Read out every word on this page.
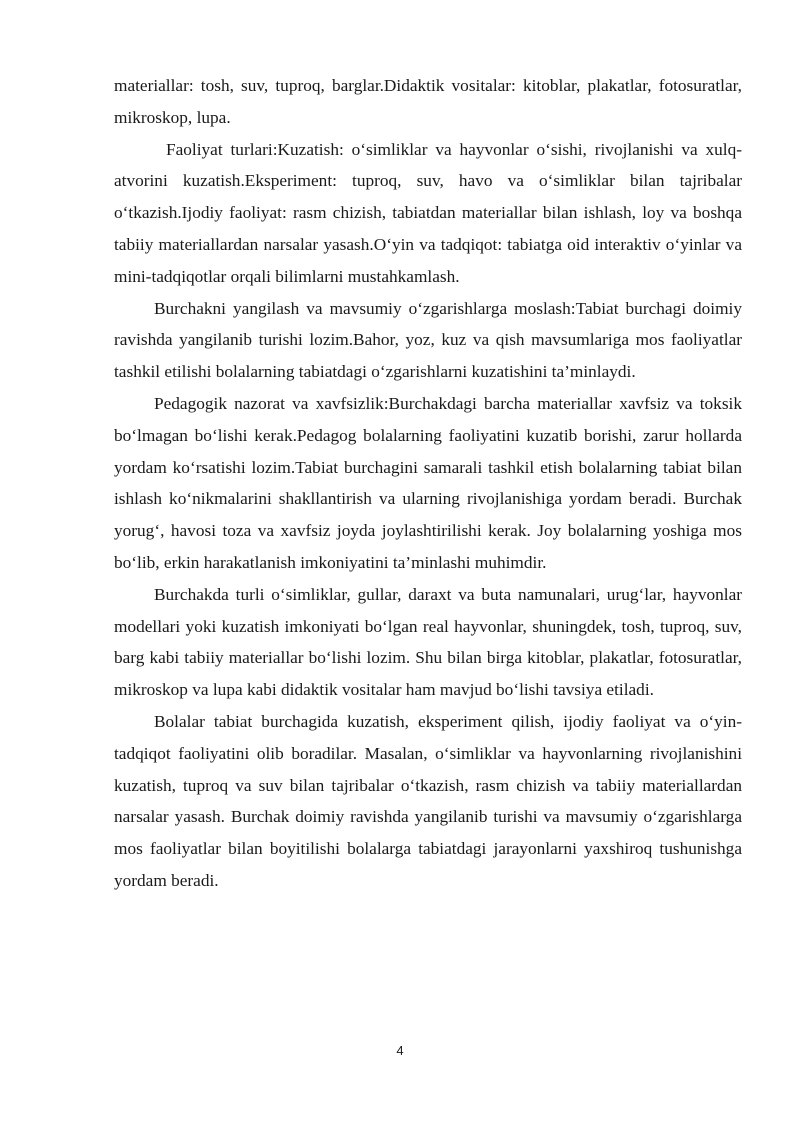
materiallar: tosh, suv, tuproq, barglar.Didaktik vositalar: kitoblar, plakatlar, fotosuratlar, mikroskop, lupa.

Faoliyat turlari:Kuzatish: o‘simliklar va hayvonlar o‘sishi, rivojlanishi va xulq-atvorini kuzatish.Eksperiment: tuproq, suv, havo va o‘simliklar bilan tajribalar o‘tkazish.Ijodiy faoliyat: rasm chizish, tabiatdan materiallar bilan ishlash, loy va boshqa tabiiy materiallardan narsalar yasash.O‘yin va tadqiqot: tabiatga oid interaktiv o‘yinlar va mini-tadqiqotlar orqali bilimlarni mustahkamlash.

Burchakni yangilash va mavsumiy o‘zgarishlarga moslash:Tabiat burchagi doimiy ravishda yangilanib turishi lozim.Bahor, yoz, kuz va qish mavsumlariga mos faoliyatlar tashkil etilishi bolalarning tabiatdagi o‘zgarishlarni kuzatishini ta’minlaydi.

Pedagogik nazorat va xavfsizlik:Burchakdagi barcha materiallar xavfsiz va toksik bo‘lmagan bo‘lishi kerak.Pedagog bolalarning faoliyatini kuzatib borishi, zarur hollarda yordam ko‘rsatishi lozim.Tabiat burchagini samarali tashkil etish bolalarning tabiat bilan ishlash ko‘nikmalarini shakllantirish va ularning rivojlanishiga yordam beradi. Burchak yorug‘, havosi toza va xavfsiz joyda joylashtirilishi kerak. Joy bolalarning yoshiga mos bo‘lib, erkin harakatlanish imkoniyatini ta’minlashi muhimdir.

Burchakda turli o‘simliklar, gullar, daraxt va buta namunalari, urug‘lar, hayvonlar modellari yoki kuzatish imkoniyati bo‘lgan real hayvonlar, shuningdek, tosh, tuproq, suv, barg kabi tabiiy materiallar bo‘lishi lozim. Shu bilan birga kitoblar, plakatlar, fotosuratlar, mikroskop va lupa kabi didaktik vositalar ham mavjud bo‘lishi tavsiya etiladi.

Bolalar tabiat burchagida kuzatish, eksperiment qilish, ijodiy faoliyat va o‘yin-tadqiqot faoliyatini olib boradilar. Masalan, o‘simliklar va hayvonlarning rivojlanishini kuzatish, tuproq va suv bilan tajribalar o‘tkazish, rasm chizish va tabiiy materiallardan narsalar yasash. Burchak doimiy ravishda yangilanib turishi va mavsumiy o‘zgarishlarga mos faoliyatlar bilan boyitilishi bolalarga tabiatdagi jarayonlarni yaxshiroq tushunishga yordam beradi.

4
